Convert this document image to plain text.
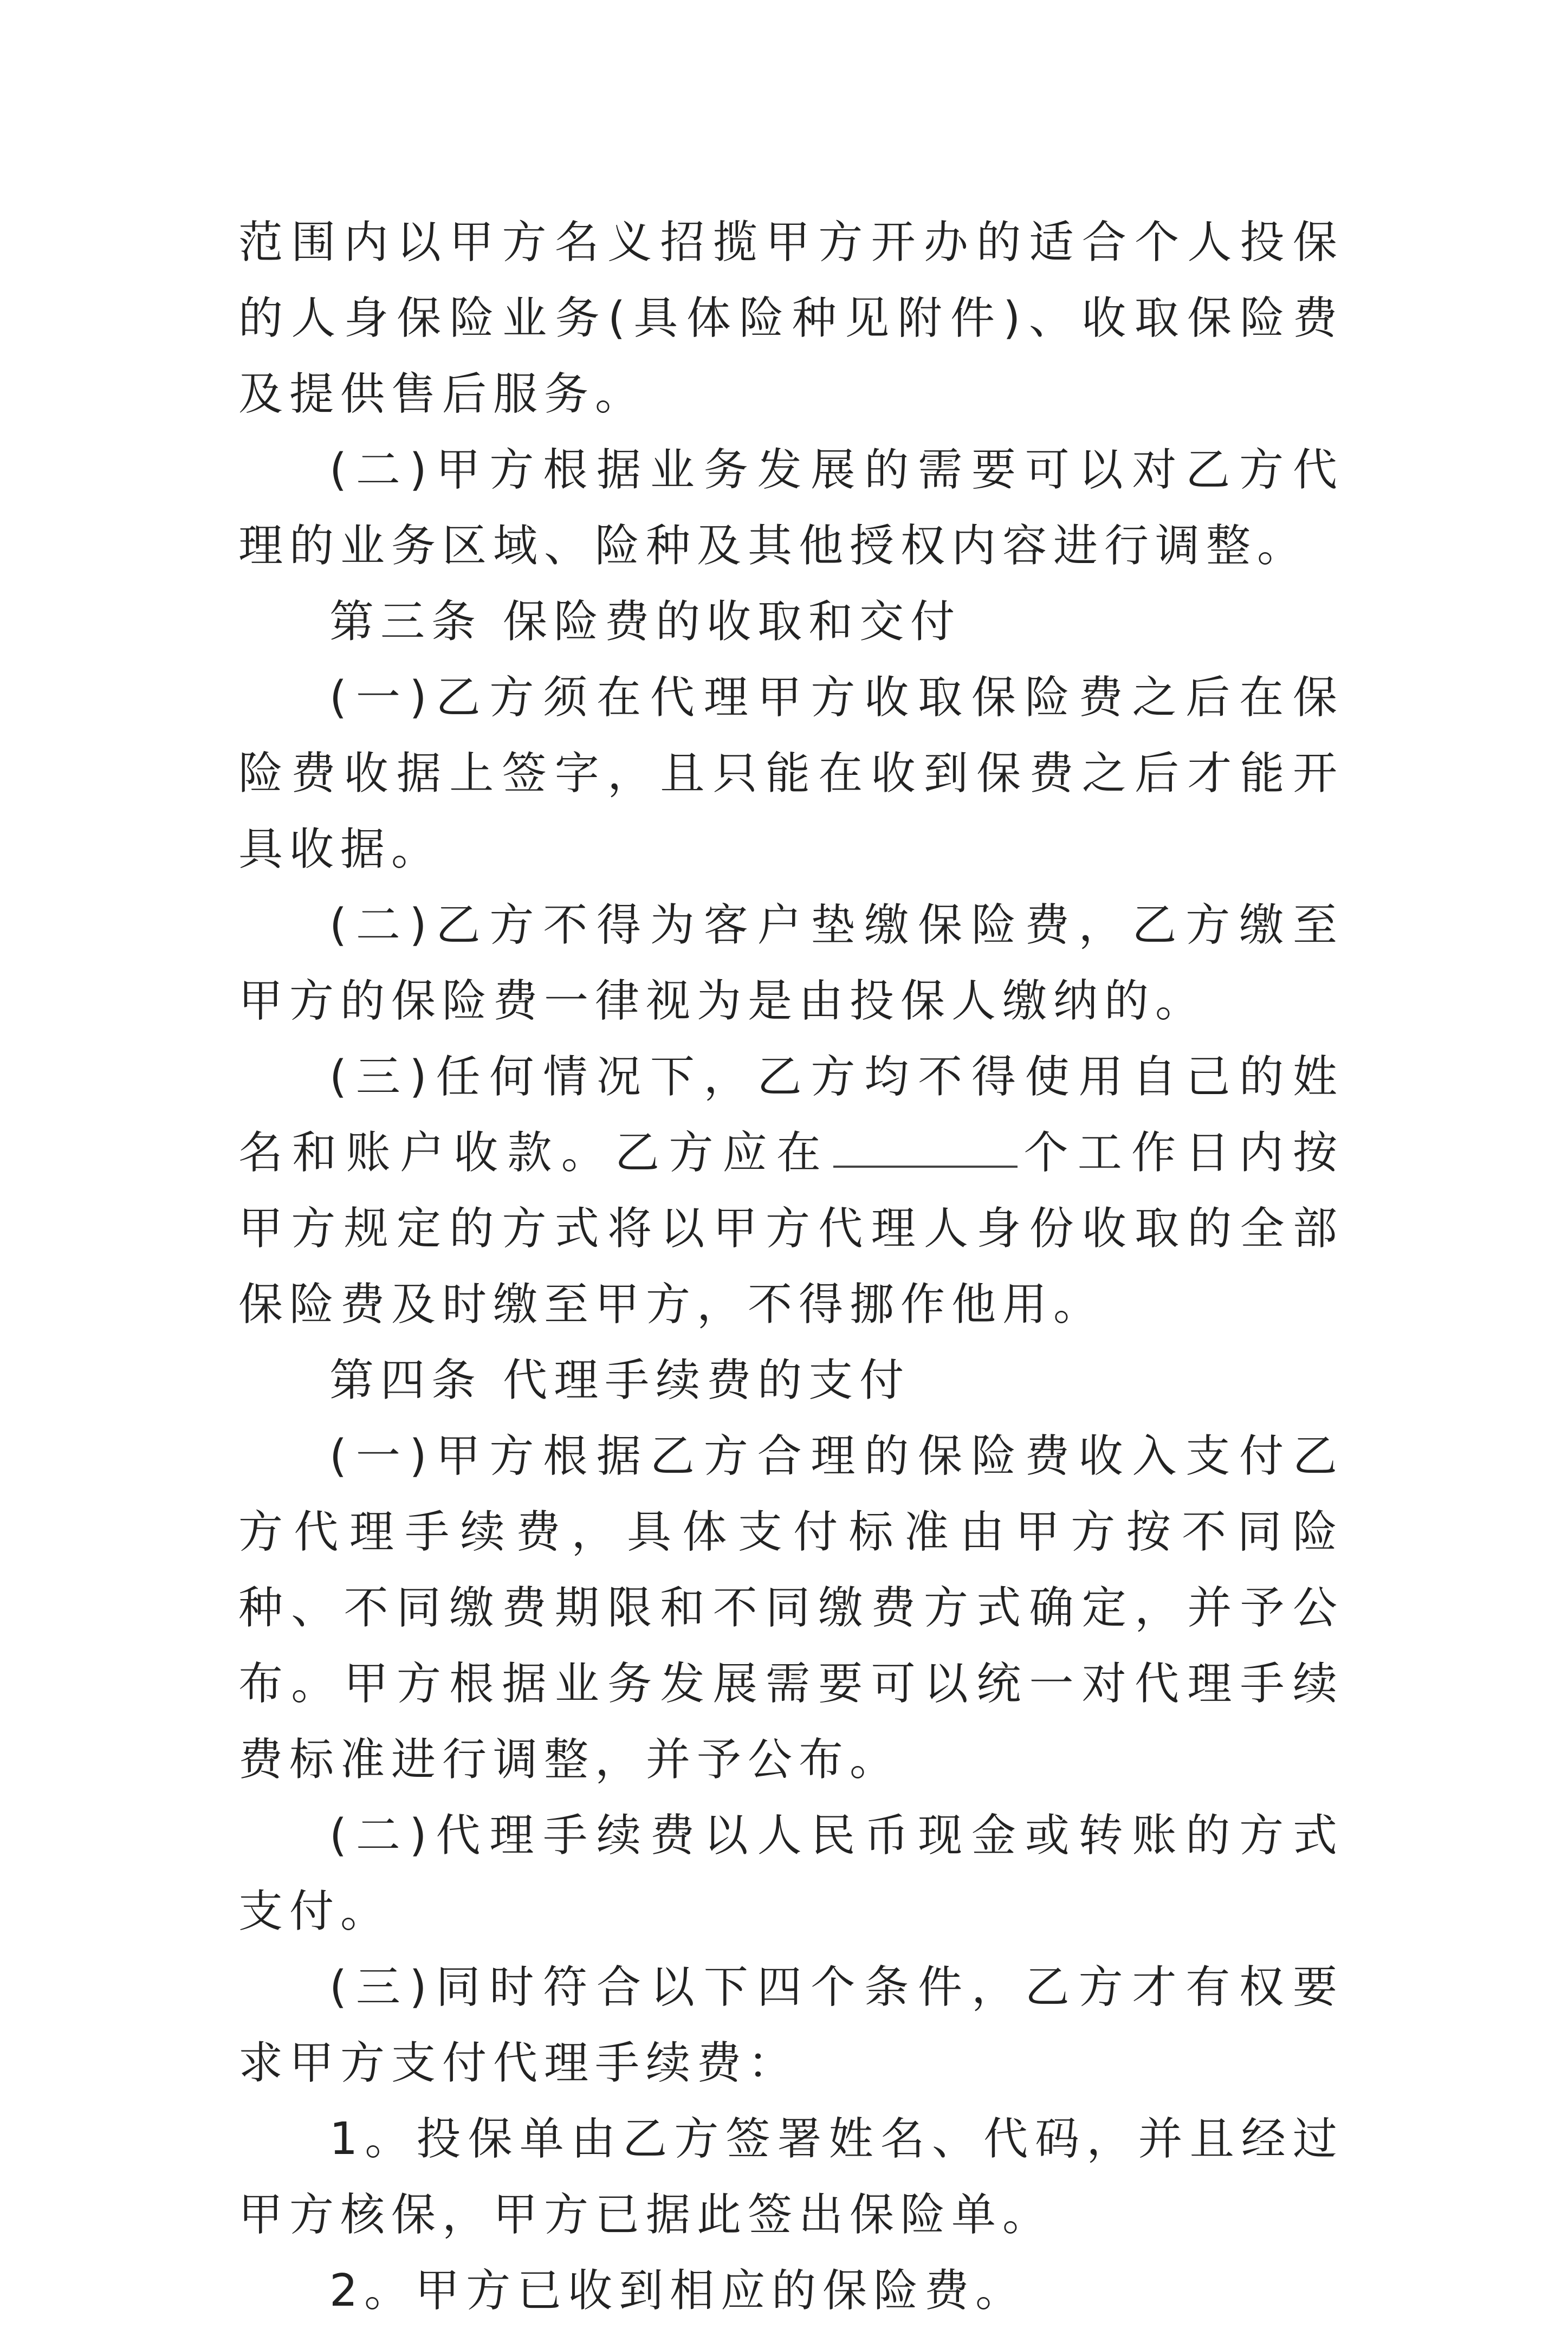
范围内以甲方名义招揽甲方开办的适合个人投保的人身保险业务(具体险种见附件)、收取保险费及提供售后服务。

(二)甲方根据业务发展的需要可以对乙方代理的业务区域、险种及其他授权内容进行调整。

第三条 保险费的收取和交付

(一)乙方须在代理甲方收取保险费之后在保险费收据上签字，且只能在收到保费之后才能开具收据。

(二)乙方不得为客户垫缴保险费，乙方缴至甲方的保险费一律视为是由投保人缴纳的。

(三)任何情况下，乙方均不得使用自己的姓名和账户收款。乙方应在	个工作日内按甲方规定的方式将以甲方代理人身份收取的全部保险费及时缴至甲方，不得挪作他用。

第四条 代理手续费的支付

(一)甲方根据乙方合理的保险费收入支付乙方代理手续费，具体支付标准由甲方按不同险种、不同缴费期限和不同缴费方式确定，并予公布。甲方根据业务发展需要可以统一对代理手续费标准进行调整，并予公布。

(二)代理手续费以人民币现金或转账的方式支付。

(三)同时符合以下四个条件，乙方才有权要求甲方支付代理手续费：

1。投保单由乙方签署姓名、代码，并且经过甲方核保，甲方已据此签出保险单。

2。甲方已收到相应的保险费。
